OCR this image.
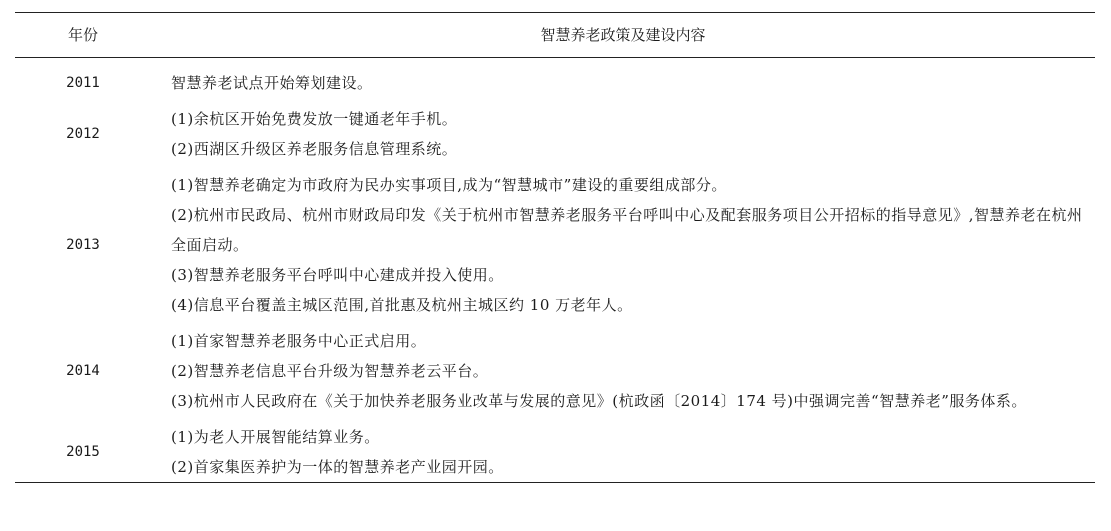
年份	智慧养老政策及建设内容
2011	智慧养老试点开始筹划建设。

2012	(1)余杭区开始免费发放一键通老年手机。
(2)西湖区升级区养老服务信息管理系统。

2013	(1)智慧养老确定为市政府为民办实事项目,成为“智慧城市”建设的重要组成部分。
(2)杭州市民政局、杭州市财政局印发《关于杭州市智慧养老服务平台呼叫中心及配套服务项目公开招标的指导意见》,智慧养老在杭州全面启动。
(3)智慧养老服务平台呼叫中心建成并投入使用。
(4)信息平台覆盖主城区范围,首批惠及杭州主城区约 10 万老年人。

2014	(1)首家智慧养老服务中心正式启用。
(2)智慧养老信息平台升级为智慧养老云平台。
(3)杭州市人民政府在《关于加快养老服务业改革与发展的意见》(杭政函〔2014〕174 号)中强调完善“智慧养老”服务体系。

2015	(1)为老人开展智能结算业务。
(2)首家集医养护为一体的智慧养老产业园开园。
